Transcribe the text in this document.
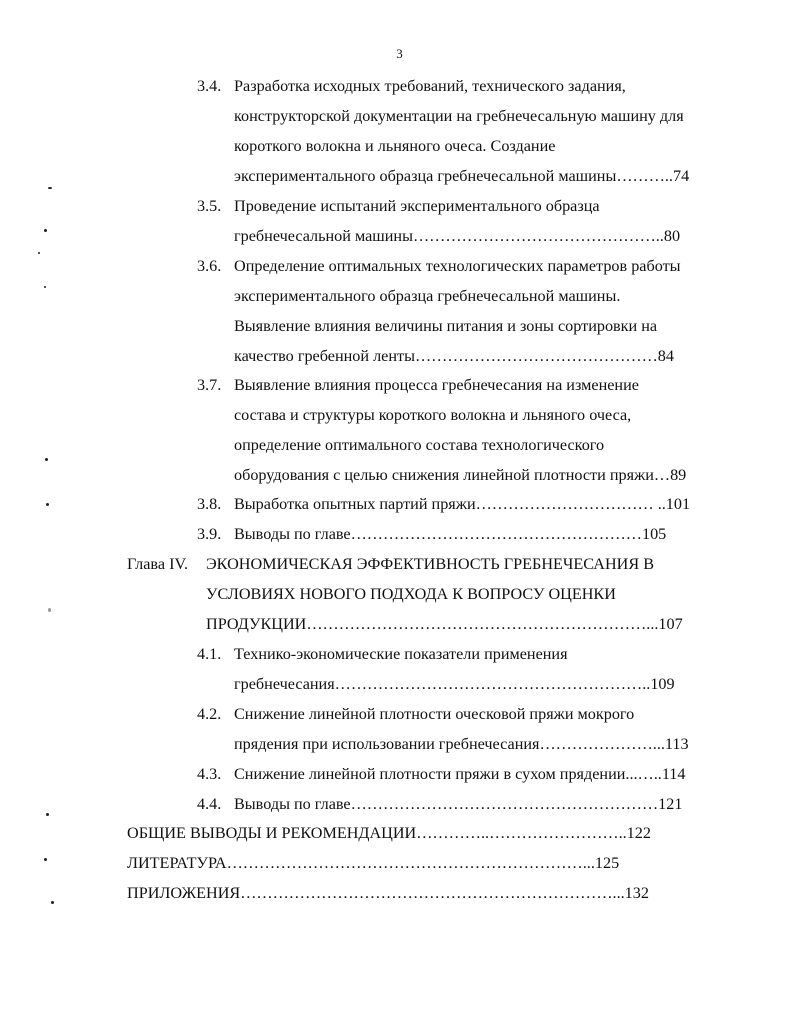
3
3.4. Разработка исходных требований, технического задания,
конструкторской документации на гребнечесальную машину для
короткого волокна и льняного очеса. Создание
экспериментального образца гребнечесальной машины………..74
3.5. Проведение испытаний экспериментального образца
гребнечесальной машины………………………………………..80
3.6. Определение оптимальных технологических параметров работы
экспериментального образца гребнечесальной машины.
Выявление влияния величины питания и зоны сортировки на
качество гребенной ленты………………………………………84
3.7. Выявление влияния процесса гребнечесания на изменение
состава и структуры короткого волокна и льняного очеса,
определение оптимального состава технологического
оборудования с целью снижения линейной плотности пряжи…89
3.8. Выработка опытных партий пряжи…………………………… ..101
3.9. Выводы по главе………………………………………………105
Глава IV. ЭКОНОМИЧЕСКАЯ ЭФФЕКТИВНОСТЬ ГРЕБНЕЧЕСАНИЯ В
УСЛОВИЯХ НОВОГО ПОДХОДА К ВОПРОСУ ОЦЕНКИ
ПРОДУКЦИИ………………………………………………………...107
4.1. Технико-экономические показатели применения
гребнечесания…………………………………………………..109
4.2. Снижение линейной плотности оческовой пряжи мокрого
прядения при использовании гребнечесания…………………...113
4.3. Снижение линейной плотности пряжи в сухом прядении...…..114
4.4. Выводы по главе…………………………………………………121
ОБЩИЕ ВЫВОДЫ И РЕКОМЕНДАЦИИ…………..……………………..122
ЛИТЕРАТУРА…………………………………………………………...125
ПРИЛОЖЕНИЯ……………………………………………………………...132
